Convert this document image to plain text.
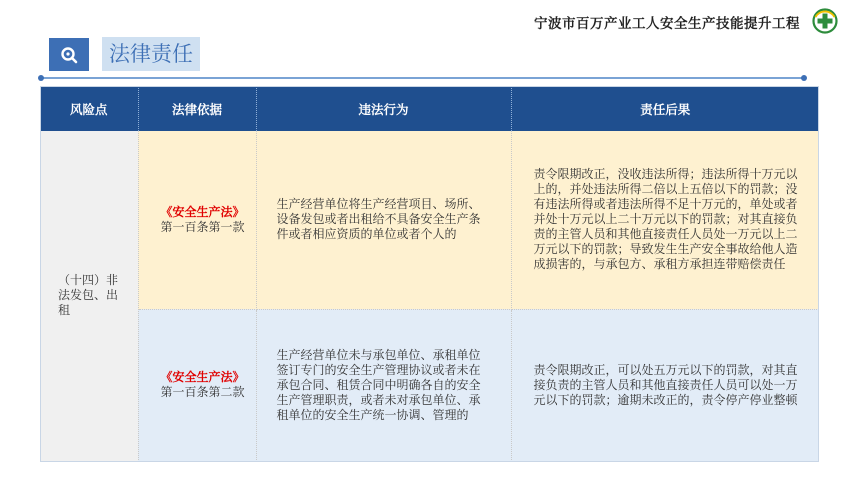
宁波市百万产业工人安全生产技能提升工程
法律责任
风险点	法律依据	违法行为	责任后果
（十四）非法发包、出租	《安全生产法》第一百条第一款	生产经营单位将生产经营项目、场所、设备发包或者出租给不具备安全生产条件或者相应资质的单位或者个人的	责令限期改正，没收违法所得；违法所得十万元以上的，并处违法所得二倍以上五倍以下的罚款；没有违法所得或者违法所得不足十万元的，单处或者并处十万元以上二十万元以下的罚款；对其直接负责的主管人员和其他直接责任人员处一万元以上二万元以下的罚款；导致发生生产安全事故给他人造成损害的，与承包方、承租方承担连带赔偿责任
	《安全生产法》第一百条第二款	生产经营单位未与承包单位、承租单位签订专门的安全生产管理协议或者未在承包合同、租赁合同中明确各自的安全生产管理职责，或者未对承包单位、承租单位的安全生产统一协调、管理的	责令限期改正，可以处五万元以下的罚款，对其直接负责的主管人员和其他直接责任人员可以处一万元以下的罚款；逾期未改正的，责令停产停业整顿
